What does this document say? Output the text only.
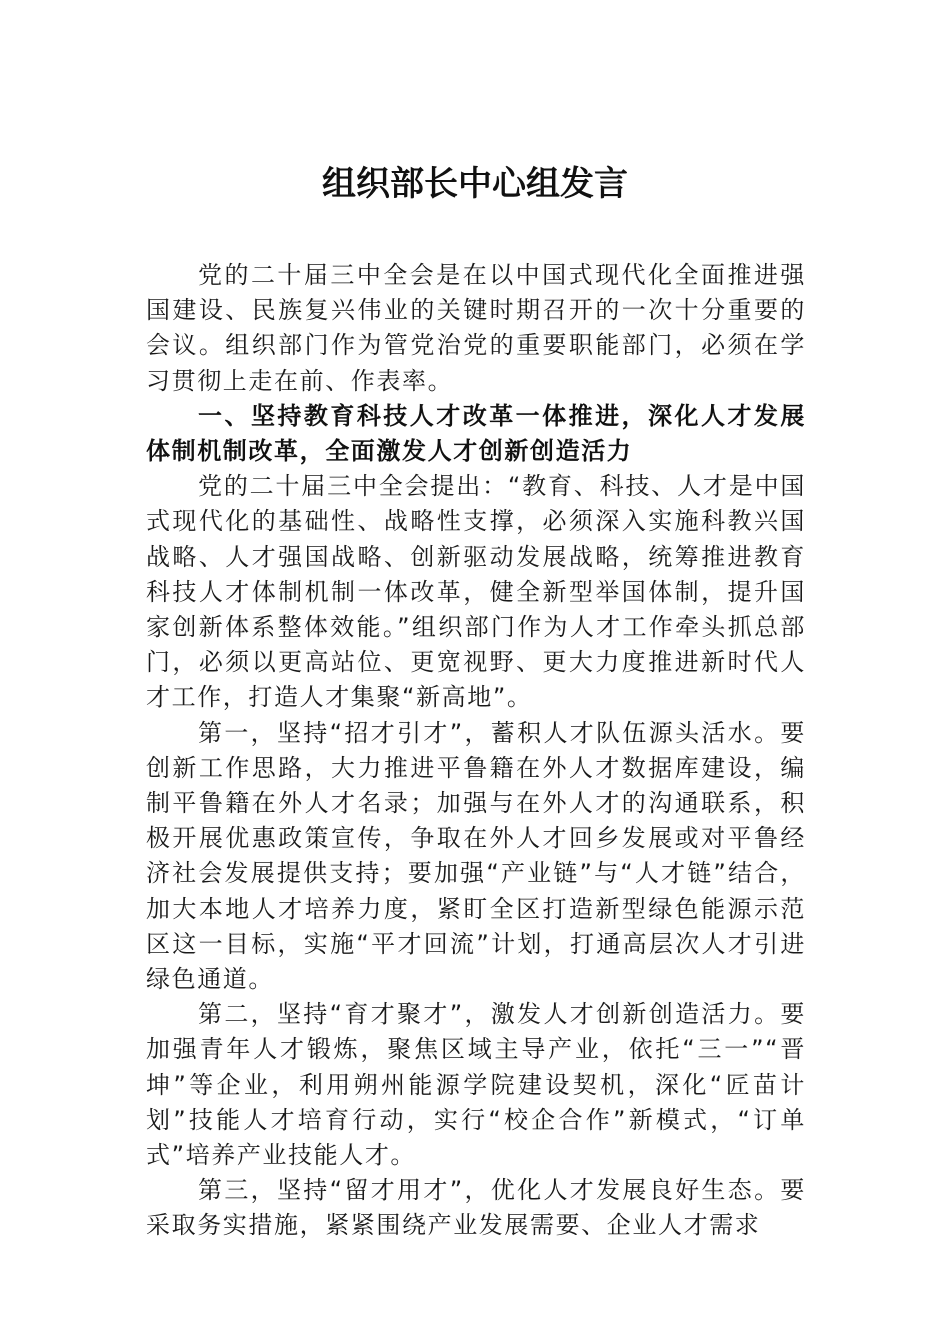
组织部长中心组发言

党的二十届三中全会是在以中国式现代化全面推进强国建设、民族复兴伟业的关键时期召开的一次十分重要的会议。组织部门作为管党治党的重要职能部门，必须在学习贯彻上走在前、作表率。

一、坚持教育科技人才改革一体推进，深化人才发展体制机制改革，全面激发人才创新创造活力

党的二十届三中全会提出：“教育、科技、人才是中国式现代化的基础性、战略性支撑，必须深入实施科教兴国战略、人才强国战略、创新驱动发展战略，统筹推进教育科技人才体制机制一体改革，健全新型举国体制，提升国家创新体系整体效能。”组织部门作为人才工作牵头抓总部门，必须以更高站位、更宽视野、更大力度推进新时代人才工作，打造人才集聚“新高地”。

第一，坚持“招才引才”，蓄积人才队伍源头活水。要创新工作思路，大力推进平鲁籍在外人才数据库建设，编制平鲁籍在外人才名录；加强与在外人才的沟通联系，积极开展优惠政策宣传，争取在外人才回乡发展或对平鲁经济社会发展提供支持；要加强“产业链”与“人才链”结合，加大本地人才培养力度，紧盯全区打造新型绿色能源示范区这一目标，实施“平才回流”计划，打通高层次人才引进绿色通道。

第二，坚持“育才聚才”，激发人才创新创造活力。要加强青年人才锻炼，聚焦区域主导产业，依托“三一”“晋坤”等企业，利用朔州能源学院建设契机，深化“匠苗计划”技能人才培育行动，实行“校企合作”新模式，“订单式”培养产业技能人才。

第三，坚持“留才用才”，优化人才发展良好生态。要采取务实措施，紧紧围绕产业发展需要、企业人才需求
